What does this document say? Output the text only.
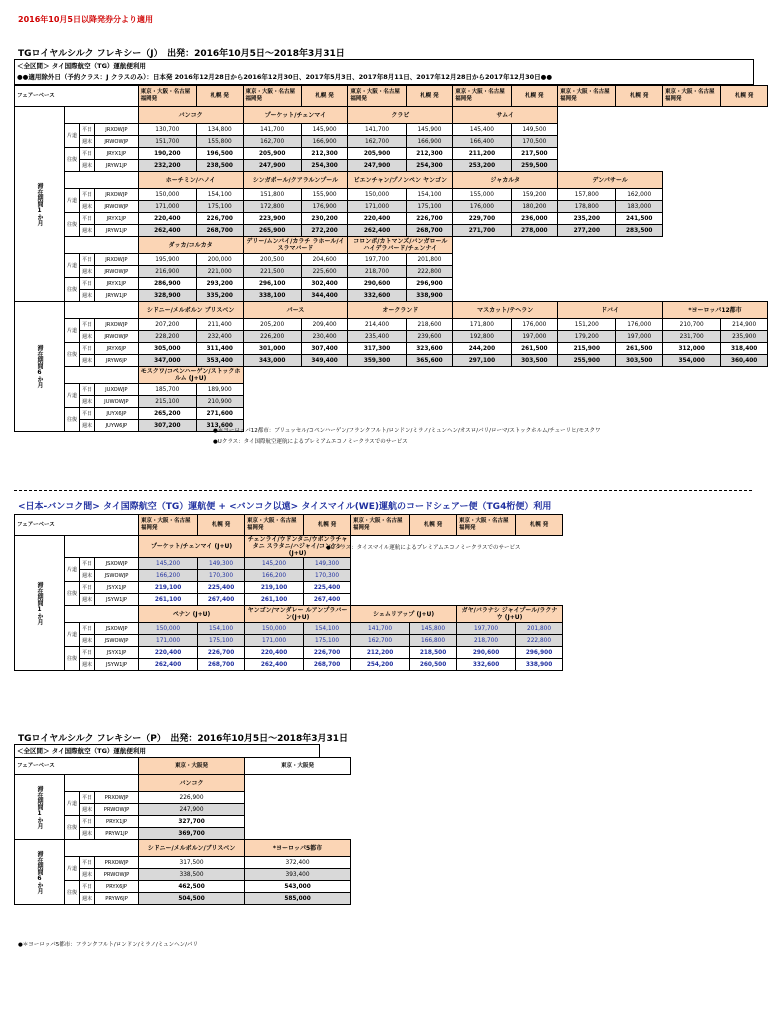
2016年10月5日以降発券分より適用
TGロイヤルシルク フレキシー（J）　出発：2016年10月5日～2018年3月31日
＜全区間＞ タイ国際航空（TG）運航便利用
●●適用除外日（予約クラス：J クラスのみ）：日本発 2016年12月28日から2016年12月30日、2017年5月3日、2017年8月11日、2017年12月28日から2017年12月30日●●
フェアーベース				東京・大阪・名古屋 福岡発	札幌 発	東京・大阪・名古屋 福岡発	札幌 発	東京・大阪・名古屋 福岡発	札幌 発	東京・大阪・名古屋 福岡発	札幌 発	東京・大阪・名古屋 福岡発	札幌 発	東京・大阪・名古屋 福岡発	札幌 発
滞在期間1か月				バンコク		プーケット/チェンマイ		クラビ		サムイ					
	片道	平日	JRXOWJP	130,700	134,800	141,700	145,900	141,700	145,900	145,400	149,500				
		週末	JRWOWJP	151,700	155,800	162,700	166,900	162,700	166,900	166,400	170,500				
	往復	平日	JRYX1JP	190,200	196,500	205,900	212,300	205,900	212,300	211,200	217,500				
		週末	JRYW1JP	232,200	238,500	247,900	254,300	247,900	254,300	253,200	259,500				
				ホーチミン/ハノイ		シンガポール/クアラルンプール		ビエンチャン/プノンペン ヤンゴン		ジャカルタ		デンパサール			
	片道	平日	JRXOWJP	150,000	154,100	151,800	155,900	150,000	154,100	155,000	159,200	157,800	162,000		
		週末	JRWOWJP	171,000	175,100	172,800	176,900	171,000	175,100	176,000	180,200	178,800	183,000		
	往復	平日	JRYX1JP	220,400	226,700	223,900	230,200	220,400	226,700	229,700	236,000	235,200	241,500		
		週末	JRYW1JP	262,400	268,700	265,900	272,200	262,400	268,700	271,700	278,000	277,200	283,500		
				ダッカ/コルカタ		デリー/ムンバイ/カラチ ラホール/イスラマバード		コロンボ/カトマンズ/バンガロール ハイデラバード/チェンナイ							
	片道	平日	JRXOWJP	195,900	200,000	200,500	204,600	197,700	201,800						
		週末	JRWOWJP	216,900	221,000	221,500	225,600	218,700	222,800						
	往復	平日	JRYX1JP	286,900	293,200	296,100	302,400	290,600	296,900						
		週末	JRYW1JP	328,900	335,200	338,100	344,400	332,600	338,900						
滞在期間6か月				シドニー/メルボルン ブリスベン		パース		オークランド		マスカット/テヘラン		ドバイ		*ヨーロッパ12都市	
	片道	平日	JRXOWJP	207,200	211,400	205,200	209,400	214,400	218,600	171,800	176,000	151,200	176,000	210,700	214,900
		週末	JRWOWJP	228,200	232,400	226,200	230,400	235,400	239,600	192,800	197,000	179,200	197,000	231,700	235,900
	往復	平日	JRYX6JP	305,000	311,400	301,000	307,400	317,300	323,600	244,200	261,500	215,900	261,500	312,000	318,400
		週末	JRYW6JP	347,000	353,400	343,000	349,400	359,300	365,600	297,100	303,500	255,900	303,500	354,000	360,400
				モスクワ/コペンハーゲン/ストックホルム (J+U)											
	片道	平日	JUXOWJP	185,700	189,900										
		週末	JUWOWJP	215,100	210,900										
	往復	平日	JUYX6JP	265,200	271,600										
		週末	JUYW6JP	307,200	313,600										
●＊ヨーロッパ12都市：ブリュッセル/コペンハーゲン/フランクフルト/ロンドン/ミラノ/ミュンヘン/オスロ/パリ/ローマ/ストックホルム/チューリヒ/モスクワ
●Uクラス：タイ国際航空運航によるプレミアムエコノミークラスでのサービス
<日本-バンコク間> タイ国際航空（TG）運航便 + <バンコク以遠> タイスマイル(WE)運航のコードシェアー便（TG4桁便）利用
フェアーベース				東京・大阪・名古屋 福岡発	札幌 発	東京・大阪・名古屋 福岡発	札幌 発	東京・大阪・名古屋 福岡発	札幌 発	東京・大阪・名古屋 福岡発	札幌 発
滞在期間1か月				プーケット/チェンマイ (J+U)		チェンライ/ウドンタニ/ウボンラチャタニ スラタニ/ハジャイ/コンケン (J+U)					
	片道	平日	JSXOWJP	145,200	149,300	145,200	149,300				
		週末	JSWOWJP	166,200	170,300	166,200	170,300				
	往復	平日	JSYX1JP	219,100	225,400	219,100	225,400				
		週末	JSYW1JP	261,100	267,400	261,100	267,400				
				ペナン (J+U)		ヤンゴン/マンダレー ルアンプラバーン(J+U)		シェムリアップ (J+U)		ガヤ/バラナシ ジャイプール/ラクナウ (J+U)	
	片道	平日	JSXOWJP	150,000	154,100	150,000	154,100	141,700	145,800	197,700	201,800
		週末	JSWOWJP	171,000	175,100	171,000	175,100	162,700	166,800	218,700	222,800
	往復	平日	JSYX1JP	220,400	226,700	220,400	226,700	212,200	218,500	290,600	296,900
		週末	JSYW1JP	262,400	268,700	262,400	268,700	254,200	260,500	332,600	338,900
●Uクラス：タイスマイル運航によるプレミアムエコノミークラスでのサービス
TGロイヤルシルク フレキシー（P）　出発：2016年10月5日～2018年3月31日
＜全区間＞ タイ国際航空（TG）運航便利用
フェアーベース				東京・大阪発	東京・大阪発
滞在期間1か月				バンコク	
	片道	平日	PRXOWJP	226,900	
		週末	PRWOWJP	247,900	
	往復	平日	PRYX1JP	327,700	
		週末	PRYW1JP	369,700	
滞在期間6か月				シドニー/メルボルン/ブリスベン	*ヨーロッパ5都市
	片道	平日	PRXOWJP	317,500	372,400
		週末	PRWOWJP	338,500	393,400
	往復	平日	PRYX6JP	462,500	543,000
		週末	PRYW6JP	504,500	585,000
●＊ヨーロッパ5都市：フランクフルト/ロンドン/ミラノ/ミュンヘン/パリ
